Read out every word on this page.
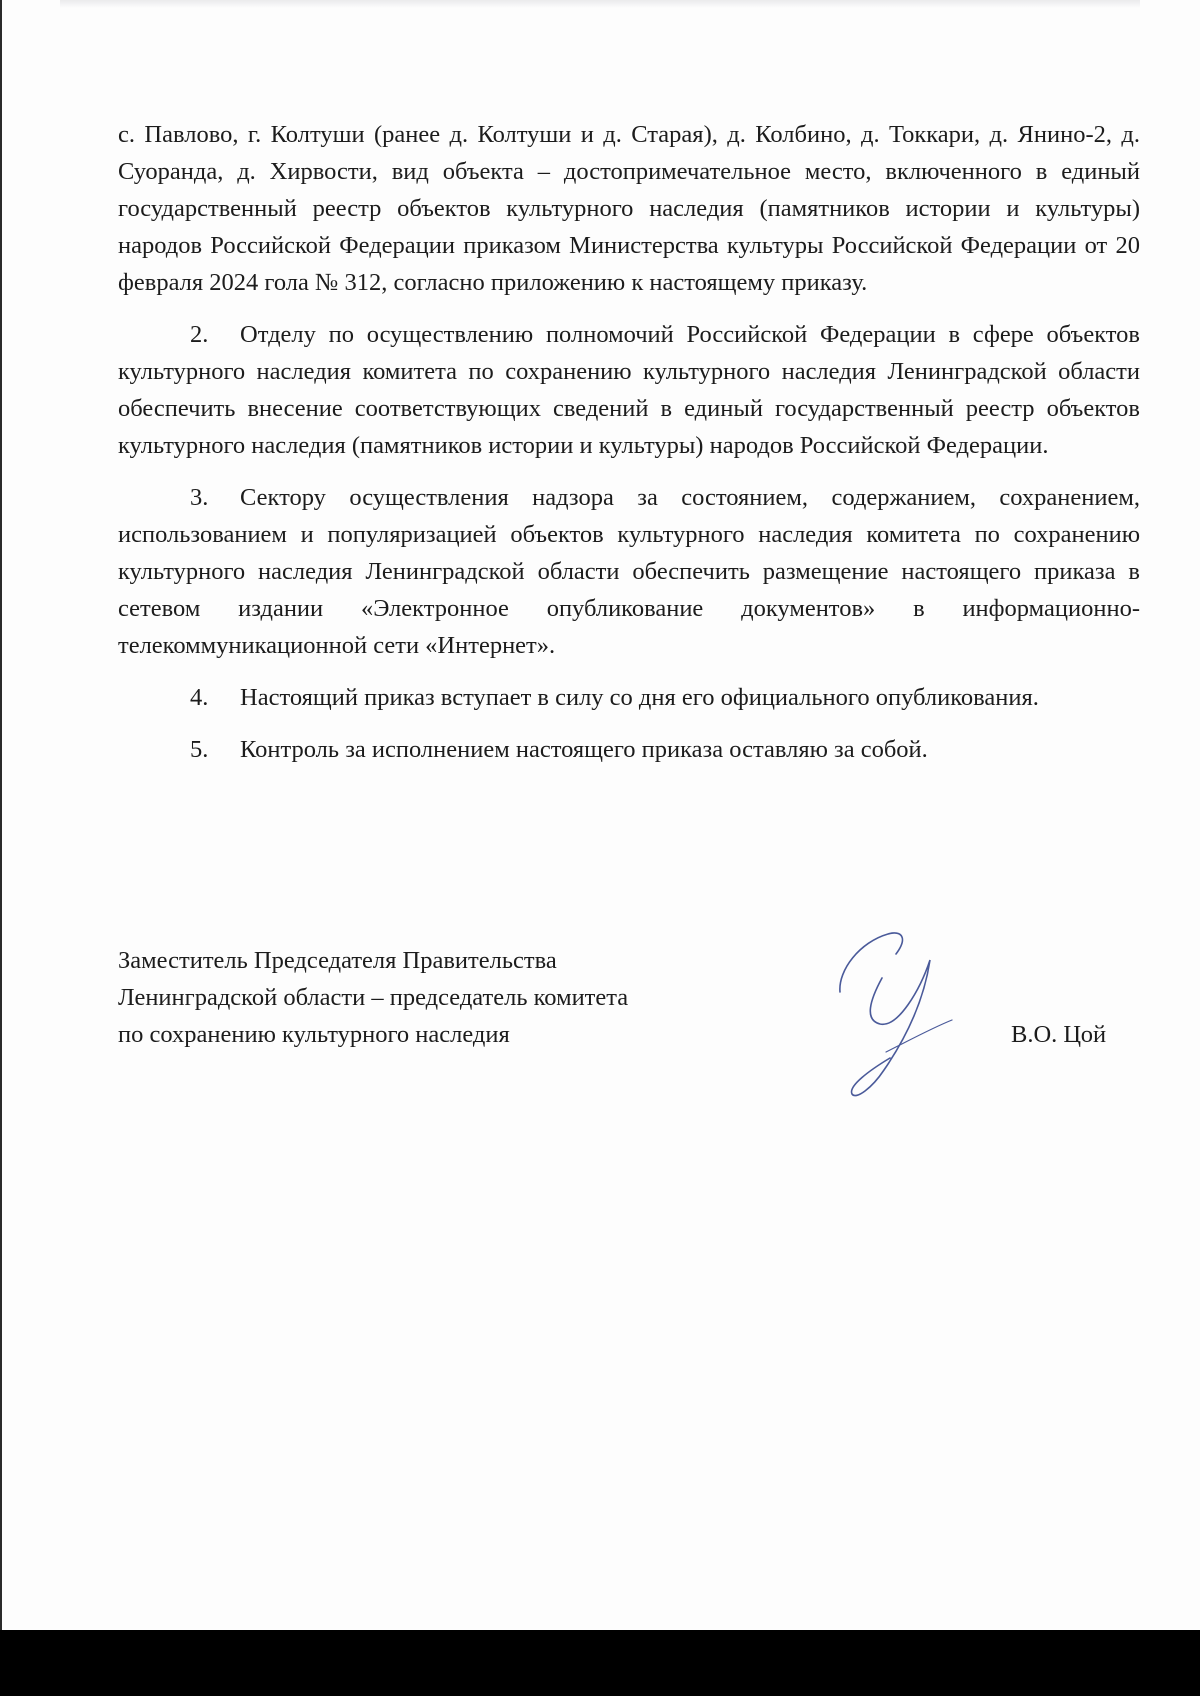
с. Павлово, г. Колтуши (ранее д. Колтуши и д. Старая), д. Колбино, д. Токкари, д. Янино-2, д. Суоранда, д. Хирвости, вид объекта – достопримечательное место, включенного в единый государственный реестр объектов культурного наследия (памятников истории и культуры) народов Российской Федерации приказом Министерства культуры Российской Федерации от 20 февраля 2024 гола № 312, согласно приложению к настоящему приказу.

2. Отделу по осуществлению полномочий Российской Федерации в сфере объектов культурного наследия комитета по сохранению культурного наследия Ленинградской области обеспечить внесение соответствующих сведений в единый государственный реестр объектов культурного наследия (памятников истории и культуры) народов Российской Федерации.

3. Сектору осуществления надзора за состоянием, содержанием, сохранением, использованием и популяризацией объектов культурного наследия комитета по сохранению культурного наследия Ленинградской области обеспечить размещение настоящего приказа в сетевом издании «Электронное опубликование документов» в информационно-телекоммуникационной сети «Интернет».

4. Настоящий приказ вступает в силу со дня его официального опубликования.

5. Контроль за исполнением настоящего приказа оставляю за собой.

Заместитель Председателя Правительства
Ленинградской области – председатель комитета
по сохранению культурного наследия	В.О. Цой
